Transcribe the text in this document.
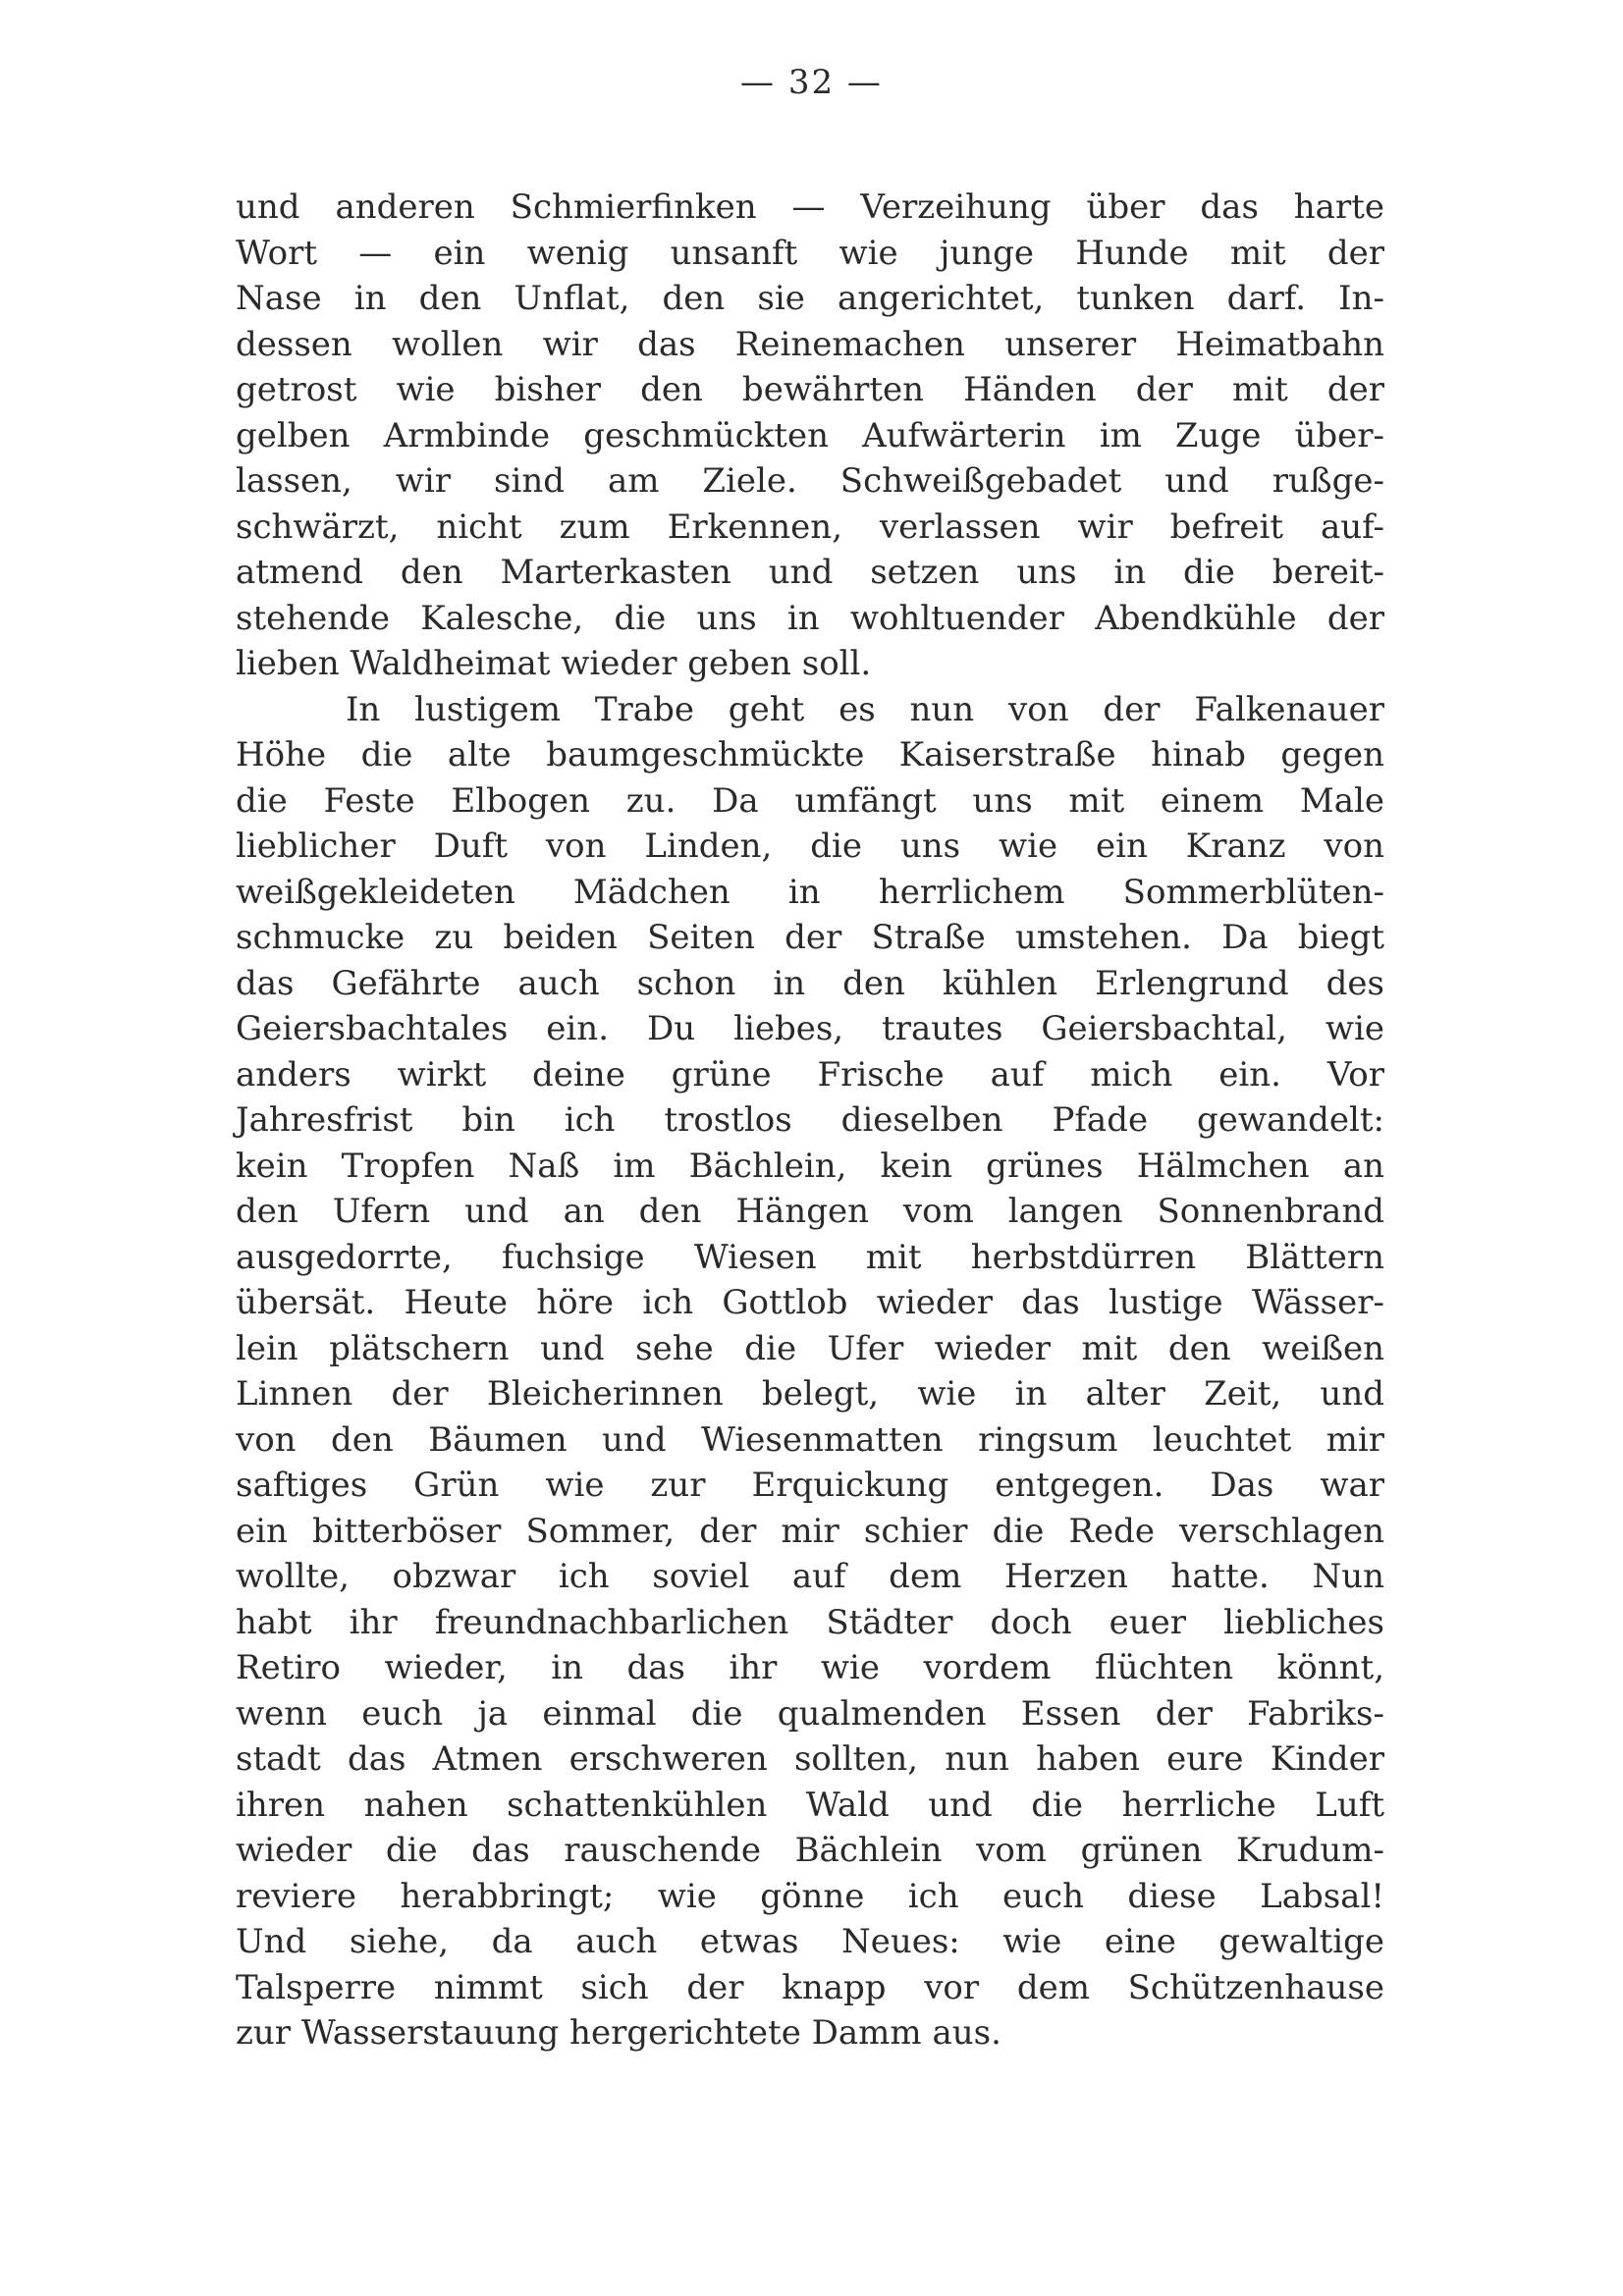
— 32 —
und anderen Schmierfinken — Verzeihung über das harte
Wort — ein wenig unsanft wie junge Hunde mit der
Nase in den Unflat, den sie angerichtet, tunken darf. In-
dessen wollen wir das Reinemachen unserer Heimatbahn
getrost wie bisher den bewährten Händen der mit der
gelben Armbinde geschmückten Aufwärterin im Zuge über-
lassen, wir sind am Ziele. Schweißgebadet und rußge-
schwärzt, nicht zum Erkennen, verlassen wir befreit auf-
atmend den Marterkasten und setzen uns in die bereit-
stehende Kalesche, die uns in wohltuender Abendkühle der
lieben Waldheimat wieder geben soll.
In lustigem Trabe geht es nun von der Falkenauer
Höhe die alte baumgeschmückte Kaiserstraße hinab gegen
die Feste Elbogen zu. Da umfängt uns mit einem Male
lieblicher Duft von Linden, die uns wie ein Kranz von
weißgekleideten Mädchen in herrlichem Sommerblüten-
schmucke zu beiden Seiten der Straße umstehen. Da biegt
das Gefährte auch schon in den kühlen Erlengrund des
Geiersbachtales ein. Du liebes, trautes Geiersbachtal, wie
anders wirkt deine grüne Frische auf mich ein. Vor
Jahresfrist bin ich trostlos dieselben Pfade gewandelt:
kein Tropfen Naß im Bächlein, kein grünes Hälmchen an
den Ufern und an den Hängen vom langen Sonnenbrand
ausgedorrte, fuchsige Wiesen mit herbstdürren Blättern
übersät. Heute höre ich Gottlob wieder das lustige Wässer-
lein plätschern und sehe die Ufer wieder mit den weißen
Linnen der Bleicherinnen belegt, wie in alter Zeit, und
von den Bäumen und Wiesenmatten ringsum leuchtet mir
saftiges Grün wie zur Erquickung entgegen. Das war
ein bitterböser Sommer, der mir schier die Rede verschlagen
wollte, obzwar ich soviel auf dem Herzen hatte. Nun
habt ihr freundnachbarlichen Städter doch euer liebliches
Retiro wieder, in das ihr wie vordem flüchten könnt,
wenn euch ja einmal die qualmenden Essen der Fabriks-
stadt das Atmen erschweren sollten, nun haben eure Kinder
ihren nahen schattenkühlen Wald und die herrliche Luft
wieder die das rauschende Bächlein vom grünen Krudum-
reviere herabbringt; wie gönne ich euch diese Labsal!
Und siehe, da auch etwas Neues: wie eine gewaltige
Talsperre nimmt sich der knapp vor dem Schützenhause
zur Wasserstauung hergerichtete Damm aus.
